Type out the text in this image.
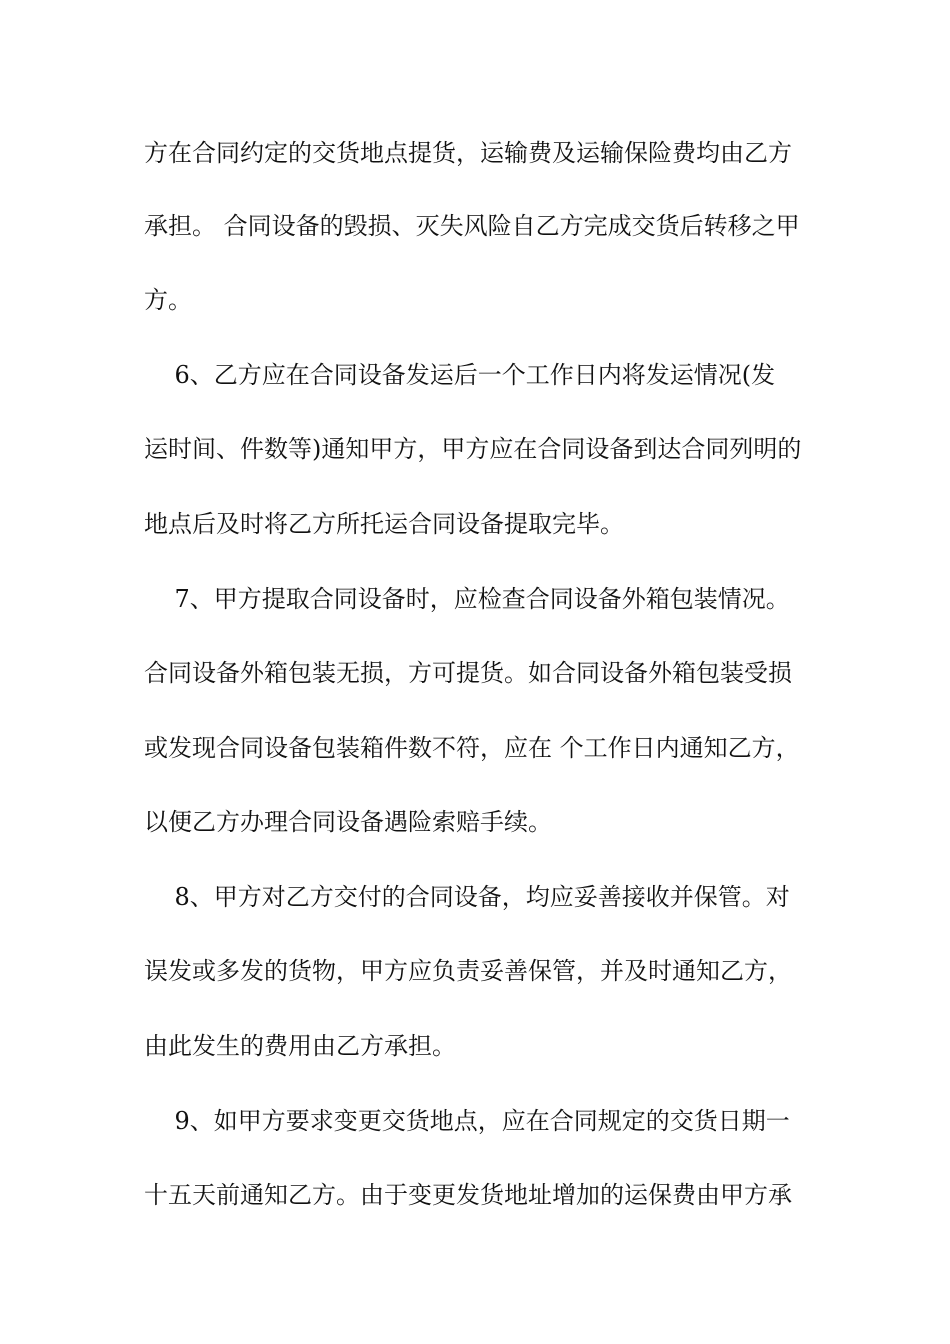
方在合同约定的交货地点提货，运输费及运输保险费均由乙方
承担。 合同设备的毁损、灭失风险自乙方完成交货后转移之甲
方。
6、乙方应在合同设备发运后一个工作日内将发运情况(发
运时间、件数等)通知甲方，甲方应在合同设备到达合同列明的
地点后及时将乙方所托运合同设备提取完毕。
7、甲方提取合同设备时，应检查合同设备外箱包装情况。
合同设备外箱包装无损，方可提货。如合同设备外箱包装受损
或发现合同设备包装箱件数不符，应在 个工作日内通知乙方，
以便乙方办理合同设备遇险索赔手续。
8、甲方对乙方交付的合同设备，均应妥善接收并保管。对
误发或多发的货物，甲方应负责妥善保管，并及时通知乙方，
由此发生的费用由乙方承担。
9、如甲方要求变更交货地点，应在合同规定的交货日期一
十五天前通知乙方。由于变更发货地址增加的运保费由甲方承
